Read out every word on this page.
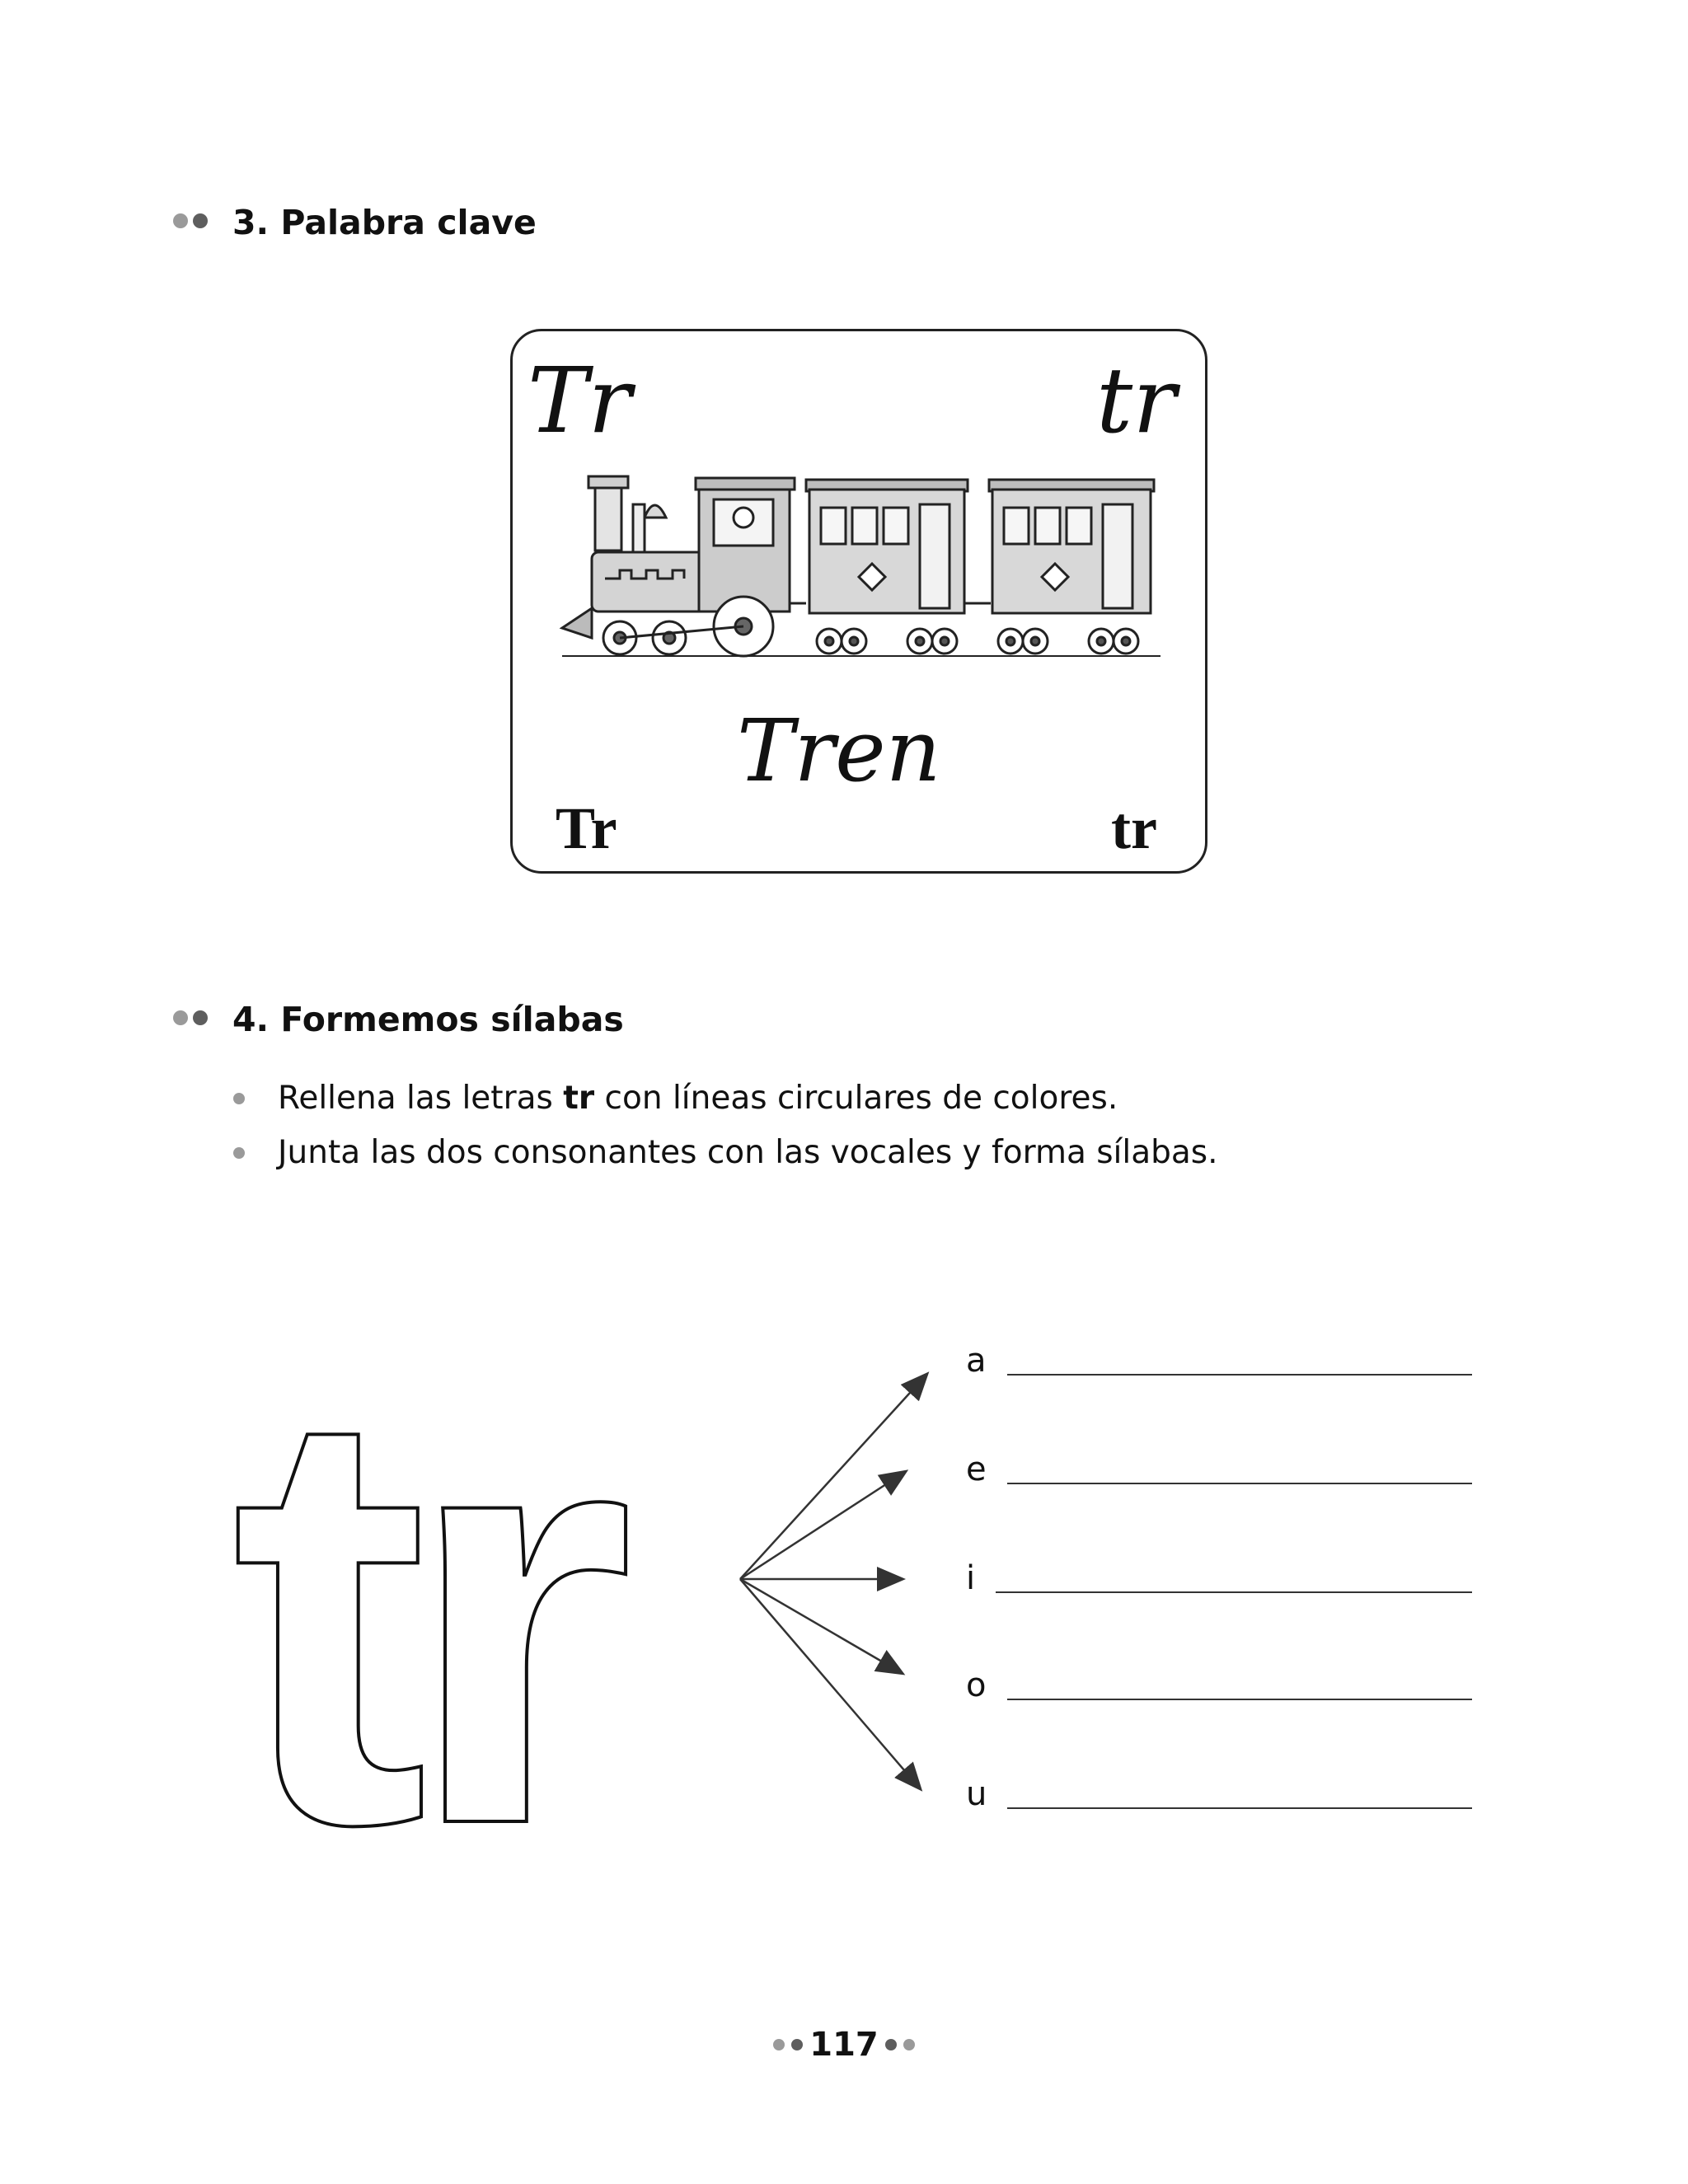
3. Palabra clave
Tr	tr
Tren
Tr	tr
4. Formemos sílabas
Rellena las letras tr con líneas circulares de colores.
Junta las dos consonantes con las vocales y forma sílabas.
tr	a
e
i
o
u
117
